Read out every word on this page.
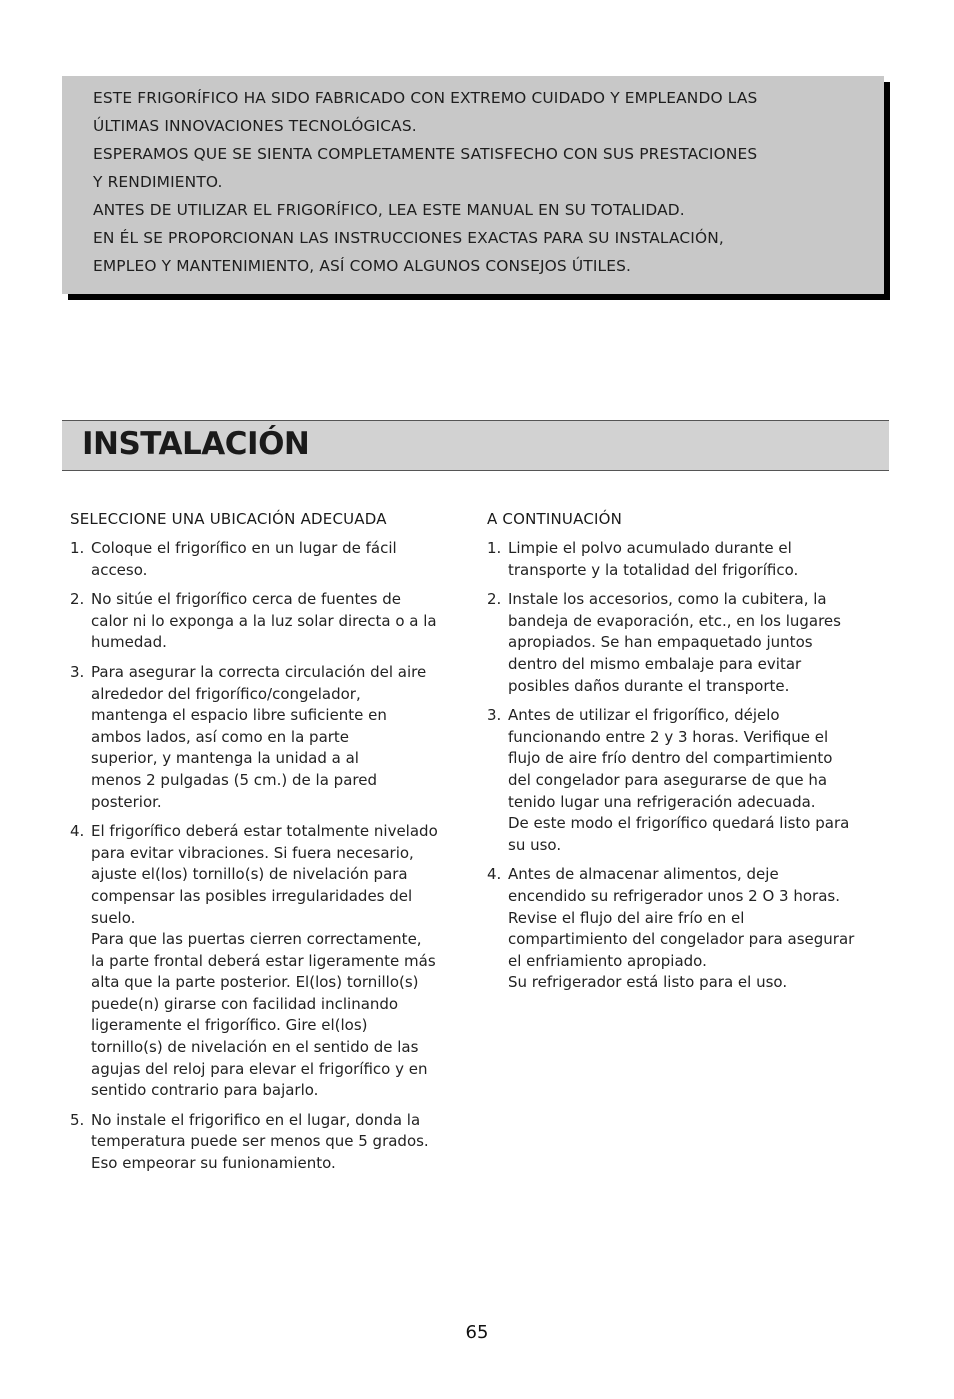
ESTE FRIGORÍFICO HA SIDO FABRICADO CON EXTREMO CUIDADO Y EMPLEANDO LAS
ÚLTIMAS INNOVACIONES TECNOLÓGICAS.
ESPERAMOS QUE SE SIENTA COMPLETAMENTE SATISFECHO CON SUS PRESTACIONES
Y RENDIMIENTO.
ANTES DE UTILIZAR EL FRIGORÍFICO, LEA ESTE MANUAL EN SU TOTALIDAD.
EN ÉL SE PROPORCIONAN LAS INSTRUCCIONES EXACTAS PARA SU INSTALACIÓN,
EMPLEO Y MANTENIMIENTO, ASÍ COMO ALGUNOS CONSEJOS ÚTILES.
INSTALACIÓN
SELECCIONE UNA UBICACIÓN ADECUADA
1. Coloque el frigorífico en un lugar de fácil
acceso.

2. No sitúe el frigorífico cerca de fuentes de
calor ni lo exponga a la luz solar directa o a la
humedad.

3. Para asegurar la correcta circulación del aire
alrededor del frigorífico/congelador,
mantenga el espacio libre suficiente en
ambos lados, así como en la parte
superior, y mantenga la unidad a al
menos 2 pulgadas (5 cm.) de la pared
posterior.

4. El frigorífico deberá estar totalmente nivelado
para evitar vibraciones. Si fuera necesario,
ajuste el(los) tornillo(s) de nivelación para
compensar las posibles irregularidades del
suelo.
Para que las puertas cierren correctamente,
la parte frontal deberá estar ligeramente más
alta que la parte posterior. El(los) tornillo(s)
puede(n) girarse con facilidad inclinando
ligeramente el frigorífico. Gire el(los)
tornillo(s) de nivelación en el sentido de las
agujas del reloj para elevar el frigorífico y en
sentido contrario para bajarlo.

5. No instale el frigorifico en el lugar, donda la
temperatura puede ser menos que 5 grados.
Eso empeorar su funionamiento.

A CONTINUACIÓN
1. Limpie el polvo acumulado durante el
transporte y la totalidad del frigorífico.

2. Instale los accesorios, como la cubitera, la
bandeja de evaporación, etc., en los lugares
apropiados. Se han empaquetado juntos
dentro del mismo embalaje para evitar
posibles daños durante el transporte.

3. Antes de utilizar el frigorífico, déjelo
funcionando entre 2 y 3 horas. Verifique el
flujo de aire frío dentro del compartimiento
del congelador para asegurarse de que ha
tenido lugar una refrigeración adecuada.
De este modo el frigorífico quedará listo para
su uso.

4. Antes de almacenar alimentos, deje
encendido su refrigerador unos 2 O 3 horas.
Revise el flujo del aire frío en el
compartimiento del congelador para asegurar
el enfriamiento apropiado.
Su refrigerador está listo para el uso.

65
